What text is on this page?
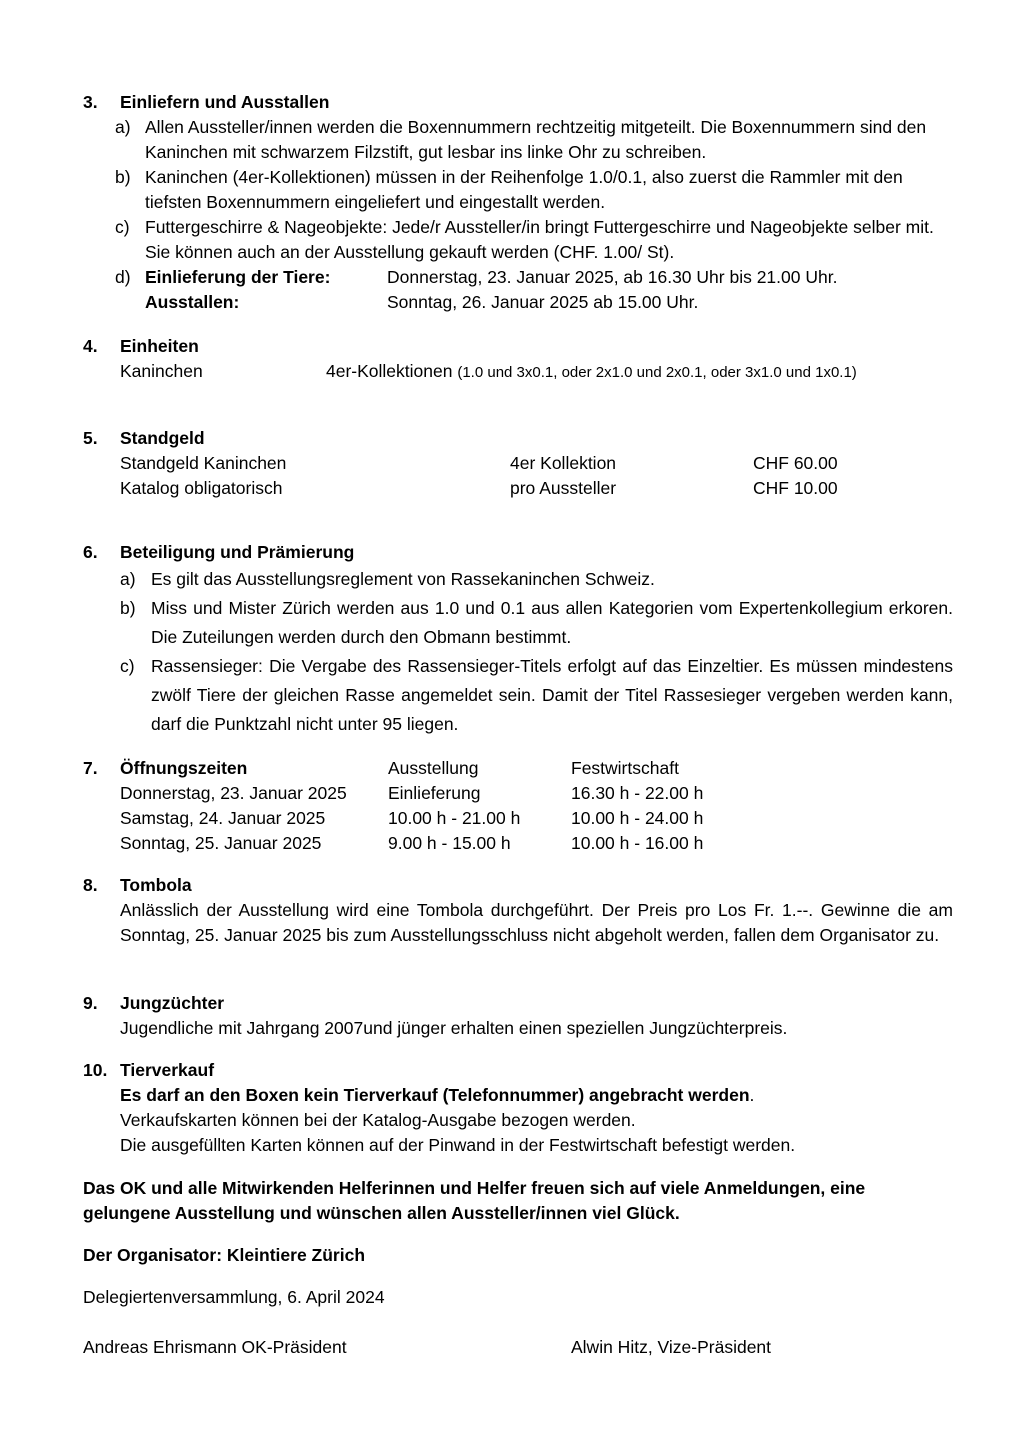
3. Einliefern und Ausstallen
a) Allen Aussteller/innen werden die Boxennummern rechtzeitig mitgeteilt. Die Boxennummern sind den Kaninchen mit schwarzem Filzstift, gut lesbar ins linke Ohr zu schreiben.
b) Kaninchen (4er-Kollektionen) müssen in der Reihenfolge 1.0/0.1, also zuerst die Rammler mit den tiefsten Boxennummern eingeliefert und eingestallt werden.
c) Futtergeschirre & Nageobjekte: Jede/r Aussteller/in bringt Futtergeschirre und Nageobjekte selber mit. Sie können auch an der Ausstellung gekauft werden (CHF. 1.00/ St).
d) Einlieferung der Tiere:	Donnerstag, 23. Januar 2025, ab 16.30 Uhr bis 21.00 Uhr.
Ausstallen:	Sonntag, 26. Januar 2025 ab 15.00 Uhr.
4. Einheiten
Kaninchen	4er-Kollektionen (1.0 und 3x0.1, oder 2x1.0 und 2x0.1, oder 3x1.0 und 1x0.1)
5. Standgeld
Standgeld Kaninchen	4er Kollektion	CHF 60.00
Katalog obligatorisch	pro Aussteller	CHF 10.00
6. Beteiligung und Prämierung
a) Es gilt das Ausstellungsreglement von Rassekaninchen Schweiz.
b) Miss und Mister Zürich werden aus 1.0 und 0.1 aus allen Kategorien vom Expertenkollegium erkoren. Die Zuteilungen werden durch den Obmann bestimmt.
c) Rassensieger: Die Vergabe des Rassensieger-Titels erfolgt auf das Einzeltier. Es müssen mindestens zwölf Tiere der gleichen Rasse angemeldet sein. Damit der Titel Rassesieger vergeben werden kann, darf die Punktzahl nicht unter 95 liegen.
7. Öffnungszeiten	Ausstellung	Festwirtschaft
Donnerstag, 23. Januar 2025 Einlieferung	16.30 h - 22.00 h
Samstag, 24. Januar 2025	10.00 h - 21.00 h	10.00 h - 24.00 h
Sonntag, 25. Januar 2025	9.00 h - 15.00 h	10.00 h - 16.00 h
8. Tombola
Anlässlich der Ausstellung wird eine Tombola durchgeführt. Der Preis pro Los Fr. 1.--. Gewinne die am Sonntag, 25. Januar 2025 bis zum Ausstellungsschluss nicht abgeholt werden, fallen dem Organisator zu.
9. Jungzüchter
Jugendliche mit Jahrgang 2007und jünger erhalten einen speziellen Jungzüchterpreis.
10. Tierverkauf
Es darf an den Boxen kein Tierverkauf (Telefonnummer) angebracht werden.
Verkaufskarten können bei der Katalog-Ausgabe bezogen werden.
Die ausgefüllten Karten können auf der Pinwand in der Festwirtschaft befestigt werden.
Das OK und alle Mitwirkenden Helferinnen und Helfer freuen sich auf viele Anmeldungen, eine gelungene Ausstellung und wünschen allen Aussteller/innen viel Glück.
Der Organisator: Kleintiere Zürich
Delegiertenversammlung, 6. April 2024
Andreas Ehrismann OK-Präsident	Alwin Hitz, Vize-Präsident
